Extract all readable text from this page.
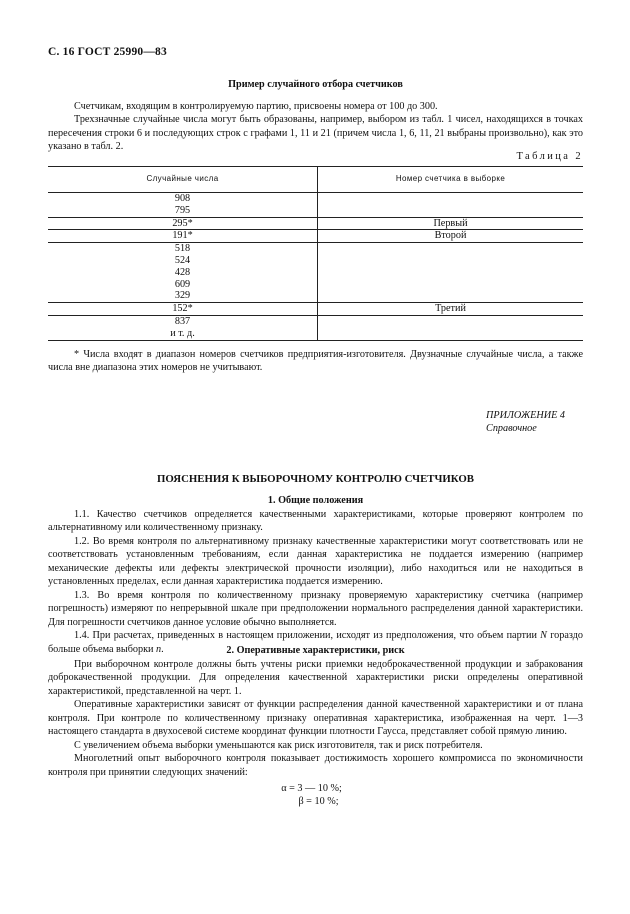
С. 16 ГОСТ 25990—83
Пример случайного отбора счетчиков

Счетчикам, входящим в контролируемую партию, присвоены номера от 100 до 300.

Трехзначные случайные числа могут быть образованы, например, выбором из табл. 1 чисел, находящихся в точках пересечения строки 6 и последующих строк с графами 1, 11 и 21 (причем числа 1, 6, 11, 21 выбраны произвольно), как это указано в табл. 2.

Таблица 2
Случайные числа	Номер счетчика в выборке

908
795	

295*	Первый

191*	Второй

518
524
428
609
329	

152*	Третий

837
и т. д.	

* Числа входят в диапазон номеров счетчиков предприятия-изготовителя. Двузначные случайные числа, а также числа вне диапазона этих номеров не учитывают.

ПРИЛОЖЕНИЕ 4
Справочное
ПОЯСНЕНИЯ К ВЫБОРОЧНОМУ КОНТРОЛЮ СЧЕТЧИКОВ
1. Общие положения

1.1. Качество счетчиков определяется качественными характеристиками, которые проверяют контролем по альтернативному или количественному признаку.

1.2. Во время контроля по альтернативному признаку качественные характеристики могут соответствовать или не соответствовать установленным требованиям, если данная характеристика не поддается измерению (например механические дефекты или дефекты электрической прочности изоляции), либо находиться или не находиться в установленных пределах, если данная характеристика поддается измерению.

1.3. Во время контроля по количественному признаку проверяемую характеристику счетчика (например погрешность) измеряют по непрерывной шкале при предположении нормального распределения данной характеристики. Для погрешности счетчиков данное условие обычно выполняется.

1.4. При расчетах, приведенных в настоящем приложении, исходят из предположения, что объем партии N гораздо больше объема выборки n.	2. Оперативные характеристики, риск

При выборочном контроле должны быть учтены риски приемки недоброкачественной продукции и забракования доброкачественной продукции. Для определения качественной характеристики риски определены оперативной характеристикой, представленной на черт. 1.

Оперативные характеристики зависят от функции распределения данной качественной характеристики и от плана контроля. При контроле по количественному признаку оперативная характеристика, изображенная на черт. 1—3 настоящего стандарта в двухосевой системе координат функции плотности Гаусса, представляет собой прямую линию.

С увеличением объема выборки уменьшаются как риск изготовителя, так и риск потребителя.

Многолетний опыт выборочного контроля показывает достижимость хорошего компромисса по экономичности контроля при принятии следующих значений:

α = 3 — 10 %;
β = 10 %;
